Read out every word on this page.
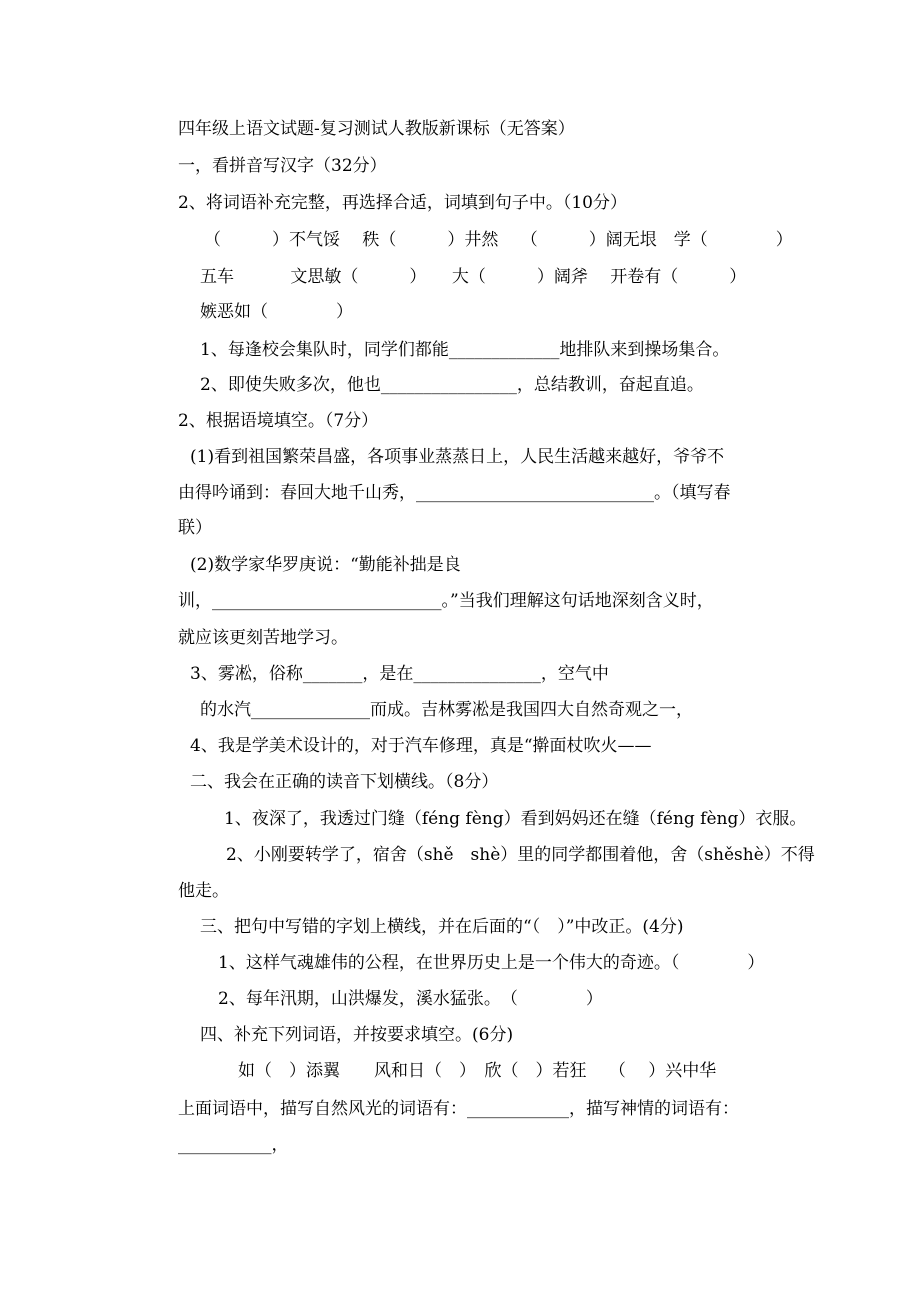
四年级上语文试题-复习测试人教版新课标（无答案）
一，看拼音写汉字（32分）
2、将词语补充完整，再选择合适，词填到句子中。（10分）
（　　　）不气馁　 秩（　　　）井然　 （　　　）阔无垠　学（　　　　）
五车　　　 文思敏（　　　）　　大（　　　）阔斧　 开卷有（　　　）
嫉恶如（　　　　）
1、每逢校会集队时，同学们都能_____________地排队来到操场集合。
2、即使失败多次，他也________________，总结教训，奋起直追。
2、根据语境填空。（7分）
(1)看到祖国繁荣昌盛，各项事业蒸蒸日上，人民生活越来越好，爷爷不
由得吟诵到：春回大地千山秀，____________________________。（填写春
联）
(2)数学家华罗庚说：“勤能补拙是良
训，___________________________。”当我们理解这句话地深刻含义时，
就应该更刻苦地学习。
3、雾凇，俗称_______，是在_______________，空气中
的水汽______________而成。吉林雾凇是我国四大自然奇观之一，
4、我是学美术设计的，对于汽车修理，真是“擀面杖吹火——
二、我会在正确的读音下划横线。（8分）
1、夜深了，我透过门缝（féng fèng）看到妈妈还在缝（féng fèng）衣服。
2、小刚要转学了，宿舍（shě　shè）里的同学都围着他，舍（shěshè）不得
他走。
三、把句中写错的字划上横线，并在后面的“（　）”中改正。(4分)
1、这样气魂雄伟的公程，在世界历史上是一个伟大的奇迹。（　　　　）
2、每年汛期，山洪爆发，溪水猛张。　（　　　　）
四、补充下列词语，并按要求填空。(6分)
如（　）添翼　　风和日（　）　欣（　）若狂　 （　 ）兴中华
上面词语中，描写自然风光的词语有：____________，描写神情的词语有：
___________，
